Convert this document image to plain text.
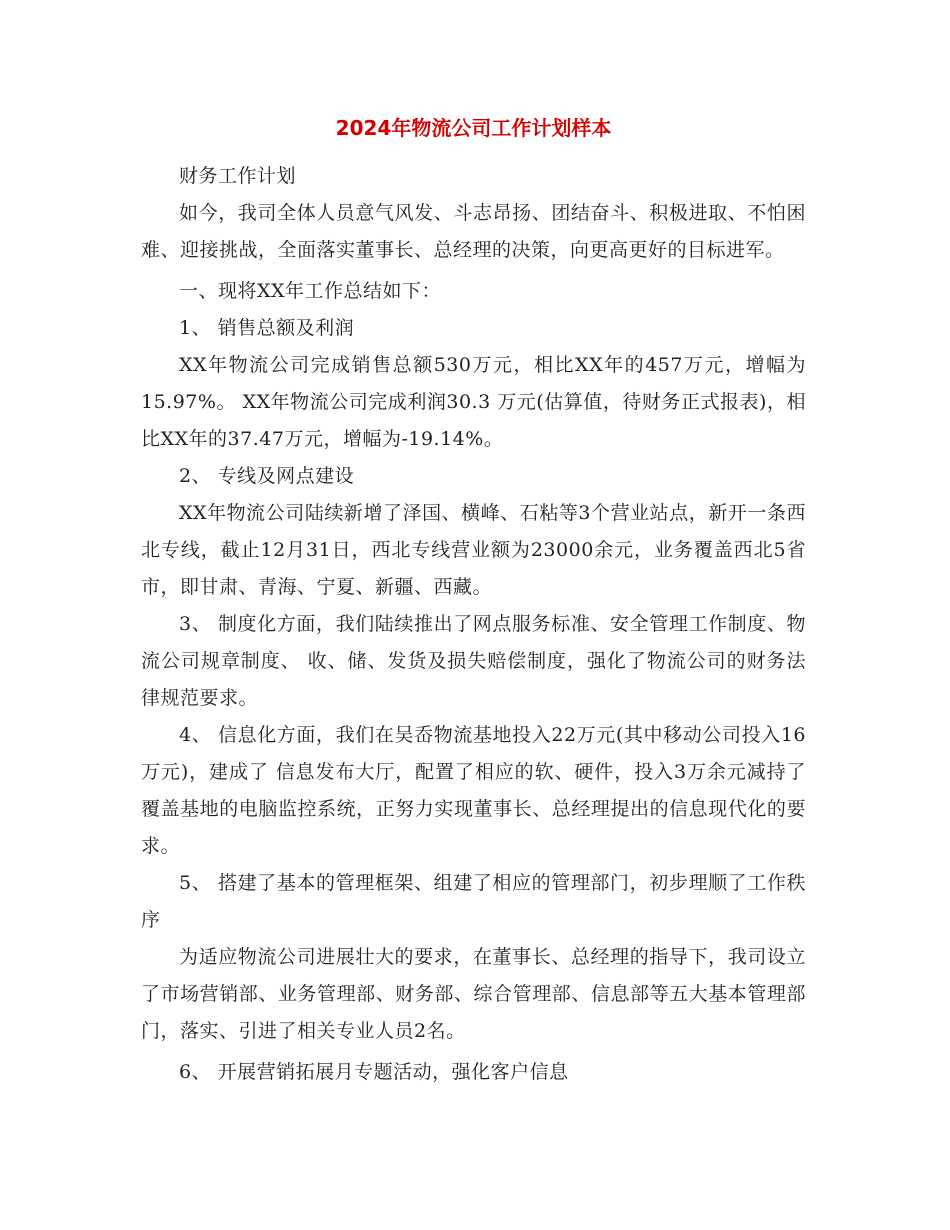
2024年物流公司工作计划样本

财务工作计划

如今，我司全体人员意气风发、斗志昂扬、团结奋斗、积极进取、不怕困难、迎接挑战，全面落实董事长、总经理的决策，向更高更好的目标进军。

一、现将XX年工作总结如下：

1、 销售总额及利润

XX年物流公司完成销售总额530万元，相比XX年的457万元，增幅为15.97%。 XX年物流公司完成利润30.3 万元(估算值，待财务正式报表)，相比XX年的37.47万元，增幅为-19.14%。

2、 专线及网点建设

XX年物流公司陆续新增了泽国、横峰、石粘等3个营业站点，新开一条西北专线，截止12月31日，西北专线营业额为23000余元，业务覆盖西北5省市，即甘肃、青海、宁夏、新疆、西藏。

3、 制度化方面，我们陆续推出了网点服务标准、安全管理工作制度、物流公司规章制度、 收、储、发货及损失赔偿制度，强化了物流公司的财务法律规范要求。

4、 信息化方面，我们在吴岙物流基地投入22万元(其中移动公司投入16万元)，建成了 信息发布大厅，配置了相应的软、硬件，投入3万余元减持了覆盖基地的电脑监控系统，正努力实现董事长、总经理提出的信息现代化的要求。

5、 搭建了基本的管理框架、组建了相应的管理部门，初步理顺了工作秩序

为适应物流公司进展壮大的要求，在董事长、总经理的指导下，我司设立了市场营销部、业务管理部、财务部、综合管理部、信息部等五大基本管理部门，落实、引进了相关专业人员2名。

6、 开展营销拓展月专题活动，强化客户信息
